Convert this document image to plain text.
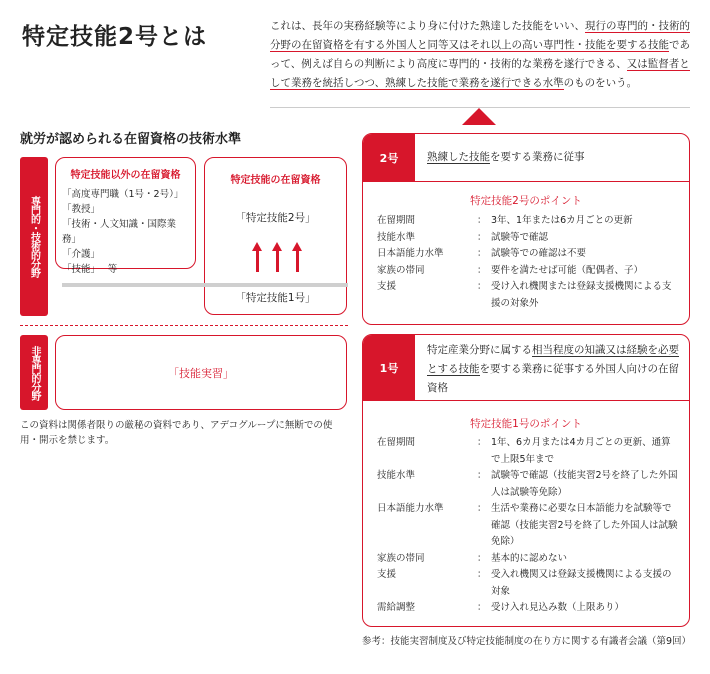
特定技能2号とは	これは、長年の実務経験等により身に付けた熟達した技能をいい、現行の専門的・技術的分野の在留資格を有する外国人と同等又はそれ以上の高い専門性・技能を要する技能であって、例えば自らの判断により高度に専門的・技術的な業務を遂行できる、又は監督者として業務を統括しつつ、熟練した技能で業務を遂行できる水準のものをいう。
就労が認められる在留資格の技術水準
専門的・技術的分野
特定技能以外の在留資格
「高度専門職（1号・2号）」
「教授」
「技術・人文知識・国際業務」
「介護」
「技能」　 等
特定技能の在留資格
「特定技能2号」
「特定技能1号」
非専門的分野	「技能実習」
この資料は関係者限りの厳秘の資料であり、アデコグループに無断での使用・開示を禁じます。
2号	熟練した技能を要する業務に従事
特定技能2号のポイント
在留期間	： 3年、1年または6カ月ごとの更新
技能水準	： 試験等で確認
日本語能力水準	： 試験等での確認は不要
家族の帯同	： 要件を満たせば可能（配偶者、子）
支援	： 受け入れ機関または登録支援機関による支援の対象外
1号
特定産業分野に属する相当程度の知識又は経験を必要とする技能を要する業務に従事する外国人向けの在留資格
特定技能1号のポイント
在留期間	： 1年、6カ月または4カ月ごとの更新、通算で上限5年まで
技能水準	： 試験等で確認（技能実習2号を終了した外国人は試験等免除）
日本語能力水準	： 生活や業務に必要な日本語能力を試験等で確認（技能実習2号を終了した外国人は試験免除）
家族の帯同	： 基本的に認めない
支援	： 受入れ機関又は登録支援機関による支援の対象
需給調整	： 受け入れ見込み数（上限あり）
参考：技能実習制度及び特定技能制度の在り方に関する有識者会議（第9回）
